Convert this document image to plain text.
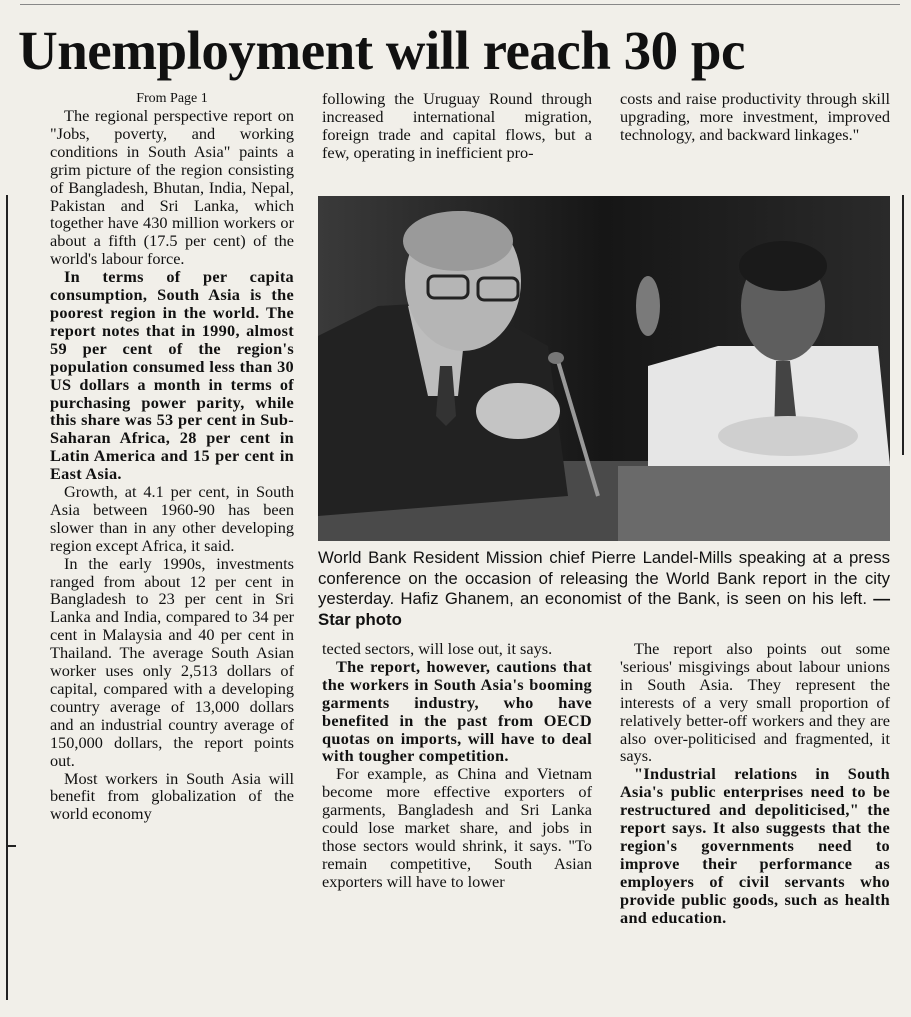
Unemployment will reach 30 pc
From Page 1

The regional perspective report on "Jobs, poverty, and working conditions in South Asia" paints a grim picture of the region consisting of Bangladesh, Bhutan, India, Nepal, Pakistan and Sri Lanka, which together have 430 million workers or about a fifth (17.5 per cent) of the world's labour force.

In terms of per capita consumption, South Asia is the poorest region in the world. The report notes that in 1990, almost 59 per cent of the region's population consumed less than 30 US dollars a month in terms of purchasing power parity, while this share was 53 per cent in Sub-Saharan Africa, 28 per cent in Latin America and 15 per cent in East Asia.

Growth, at 4.1 per cent, in South Asia between 1960-90 has been slower than in any other developing region except Africa, it said.

In the early 1990s, investments ranged from about 12 per cent in Bangladesh to 23 per cent in Sri Lanka and India, compared to 34 per cent in Malaysia and 40 per cent in Thailand. The average South Asian worker uses only 2,513 dollars of capital, compared with a developing country average of 13,000 dollars and an industrial country average of 150,000 dollars, the report points out.

Most workers in South Asia will benefit from globalization of the world economy

following the Uruguay Round through increased international migration, foreign trade and capital flows, but a few, operating in inefficient pro-

costs and raise productivity through skill upgrading, more investment, improved technology, and backward linkages."

World Bank Resident Mission chief Pierre Landel-Mills speaking at a press conference on the occasion of releasing the World Bank report in the city yesterday. Hafiz Ghanem, an economist of the Bank, is seen on his left. — Star photo

tected sectors, will lose out, it says.

The report, however, cautions that the workers in South Asia's booming garments industry, who have benefited in the past from OECD quotas on imports, will have to deal with tougher competition.

For example, as China and Vietnam become more effective exporters of garments, Bangladesh and Sri Lanka could lose market share, and jobs in those sectors would shrink, it says. "To remain competitive, South Asian exporters will have to lower

The report also points out some 'serious' misgivings about labour unions in South Asia. They represent the interests of a very small proportion of relatively better-off workers and they are also over-politicised and fragmented, it says.

"Industrial relations in South Asia's public enterprises need to be restructured and depoliticised," the report says. It also suggests that the region's governments need to improve their performance as employers of civil servants who provide public goods, such as health and education.
